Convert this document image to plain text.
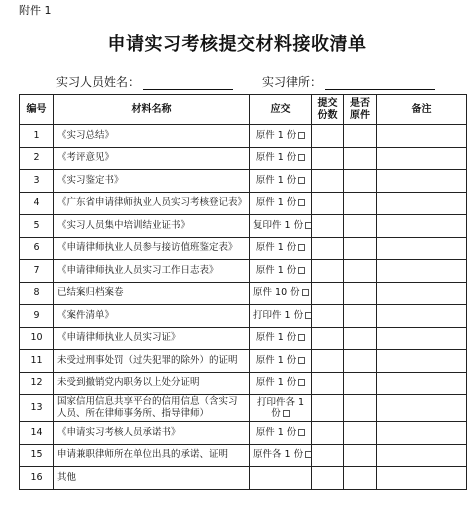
附件 1
申请实习考核提交材料接收清单
实习人员姓名：	实习律所：
编号	材料名称	应交	提交份数	是否原件	备注
1	《实习总结》	原件 1 份			
2	《考评意见》	原件 1 份			
3	《实习鉴定书》	原件 1 份			
4	《广东省申请律师执业人员实习考核登记表》	原件 1 份			
5	《实习人员集中培训结业证书》	复印件 1 份			
6	《申请律师执业人员参与接访值班鉴定表》	原件 1 份			
7	《申请律师执业人员实习工作日志表》	原件 1 份			
8	已结案归档案卷	原件 10 份			
9	《案件清单》	打印件 1 份			
10	《申请律师执业人员实习证》	原件 1 份			
11	未受过刑事处罚（过失犯罪的除外）的证明	原件 1 份			
12	未受到撤销党内职务以上处分证明	原件 1 份			
13	国家信用信息共享平台的信用信息（含实习人员、所在律师事务所、指导律师）	打印件各 1 份			
14	《申请实习考核人员承诺书》	原件 1 份			
15	申请兼职律师所在单位出具的承诺、证明	原件各 1 份			
16	其他				
